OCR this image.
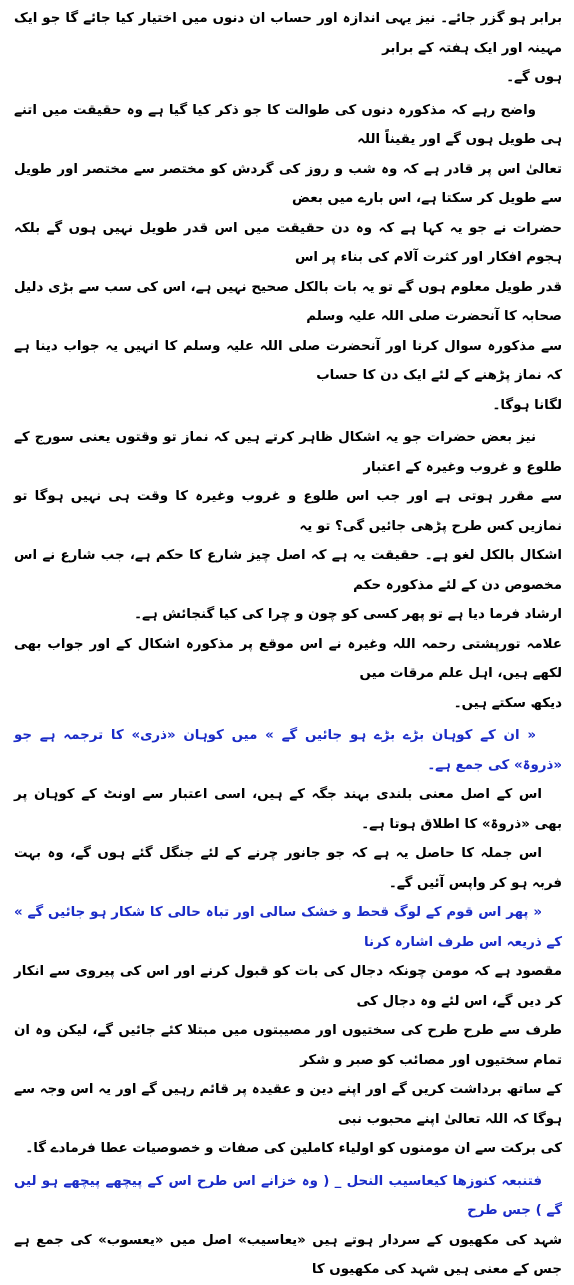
برابر ہو گزر جائے۔ نیز یہی اندازہ اور حساب ان دنوں میں اختیار کیا جائے گا جو ایک مہینہ اور ایک ہفتہ کے برابر
ہوں گے۔

واضح رہے کہ مذکورہ دنوں کی طوالت کا جو ذکر کیا گیا ہے وہ حقیقت میں اتنے ہی طویل ہوں گے اور یقیناً اللہ
تعالیٰ اس پر قادر ہے کہ وہ شب و روز کی گردش کو مختصر سے مختصر اور طویل سے طویل کر سکتا ہے، اس بارے میں بعض
حضرات نے جو یہ کہا ہے کہ وہ دن حقیقت میں اس قدر طویل نہیں ہوں گے بلکہ ہجوم افکار اور کثرت آلام کی بناء پر اس
قدر طویل معلوم ہوں گے تو یہ بات بالکل صحیح نہیں ہے، اس کی سب سے بڑی دلیل صحابہ کا آنحضرت صلی اللہ علیہ وسلم
سے مذکورہ سوال کرنا اور آنحضرت صلی اللہ علیہ وسلم کا انہیں یہ جواب دینا ہے کہ نماز پڑھنے کے لئے ایک دن کا حساب
لگانا ہوگا۔

نیز بعض حضرات جو یہ اشکال ظاہر کرتے ہیں کہ نماز تو وقتوں یعنی سورج کے طلوع و غروب وغیرہ کے اعتبار
سے مقرر ہوتی ہے اور جب اس طلوع و غروب وغیرہ کا وقت ہی نہیں ہوگا تو نمازیں کس طرح پڑھی جائیں گی؟ تو یہ
اشکال بالکل لغو ہے۔ حقیقت یہ ہے کہ اصل چیز شارع کا حکم ہے، جب شارع نے اس مخصوص دن کے لئے مذکورہ حکم
ارشاد فرما دیا ہے تو پھر کسی کو چون و چرا کی کیا گنجائش ہے۔

علامہ تورپشتی رحمہ اللہ وغیرہ نے اس موقع پر مذکورہ اشکال کے اور جواب بھی لکھے ہیں، اہل علم مرقات میں
دیکھ سکتے ہیں۔

« ان کے کوہان بڑے بڑے ہو جائیں گے » میں کوہان «ذری» کا ترجمہ ہے جو «ذروۃ» کی جمع ہے۔
اس کے اصل معنی بلندی بہند جگہ کے ہیں، اسی اعتبار سے اونٹ کے کوہان پر بھی «ذروۃ» کا اطلاق ہوتا ہے۔
اس جملہ کا حاصل یہ ہے کہ جو جانور چرنے کے لئے جنگل گئے ہوں گے، وہ بہت فربہ ہو کر واپس آئیں گے۔

« پھر اس قوم کے لوگ قحط و خشک سالی اور تباہ حالی کا شکار ہو جائیں گے » کے ذریعہ اس طرف اشارہ کرنا
مقصود ہے کہ مومن چونکہ دجال کی بات کو قبول کرنے اور اس کی پیروی سے انکار کر دیں گے، اس لئے وہ دجال کی
طرف سے طرح طرح کی سختیوں اور مصیبتوں میں مبتلا کئے جائیں گے، لیکن وہ ان تمام سختیوں اور مصائب کو صبر و شکر
کے ساتھ برداشت کریں گے اور اپنے دین و عقیدہ پر قائم رہیں گے اور یہ اس وجہ سے ہوگا کہ اللہ تعالیٰ اپنے محبوب نبی
کی برکت سے ان مومنوں کو اولیاء کاملین کی صفات و خصوصیات عطا فرمادے گا۔

فتنبعہ کنوزھا کیعاسیب النحل _ ( وہ خزانے اس طرح اس کے پیچھے پیچھے ہو لیں گے ) جس طرح
شہد کی مکھیوں کے سردار ہوتے ہیں «یعاسیب» اصل میں «یعسوب» کی جمع ہے جس کے معنی ہیں شہد کی مکھیوں کا
